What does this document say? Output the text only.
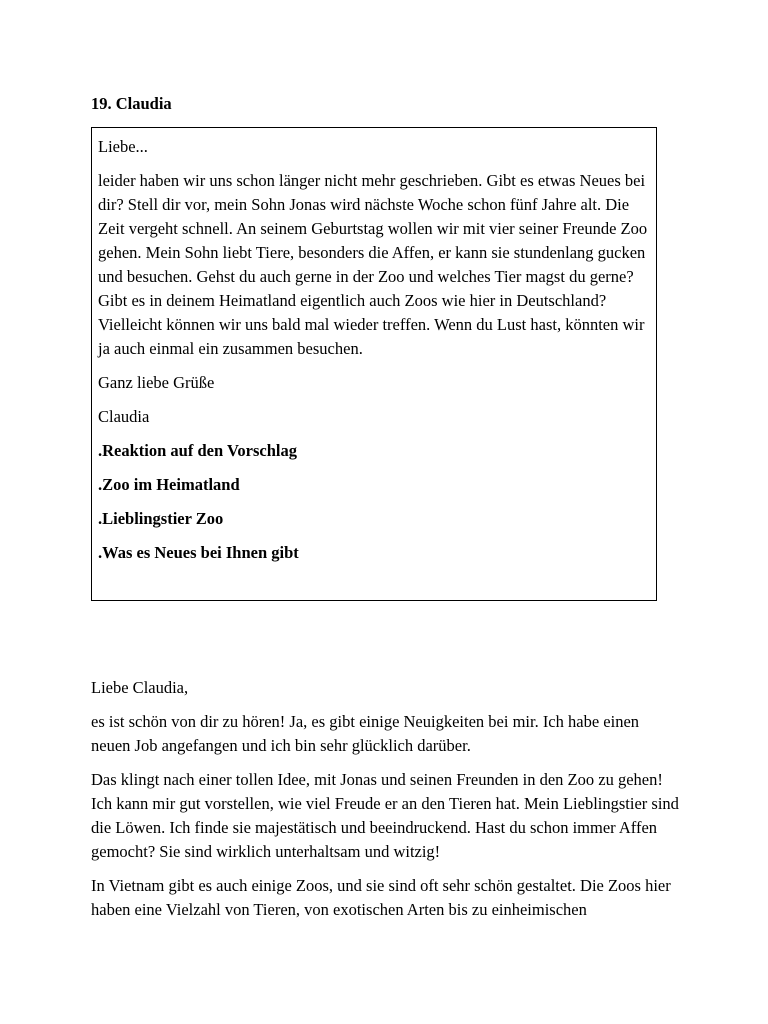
19. Claudia

Liebe...

leider haben wir uns schon länger nicht mehr geschrieben. Gibt es etwas Neues bei dir? Stell dir vor, mein Sohn Jonas wird nächste Woche schon fünf Jahre alt. Die Zeit vergeht schnell. An seinem Geburtstag wollen wir mit vier seiner Freunde Zoo gehen. Mein Sohn liebt Tiere, besonders die Affen, er kann sie stundenlang gucken und besuchen. Gehst du auch gerne in der Zoo und welches Tier magst du gerne? Gibt es in deinem Heimatland eigentlich auch Zoos wie hier in Deutschland? Vielleicht können wir uns bald mal wieder treffen. Wenn du Lust hast, könnten wir ja auch einmal ein zusammen besuchen.

Ganz liebe Grüße

Claudia

.Reaktion auf den Vorschlag

.Zoo im Heimatland

.Lieblingstier Zoo

.Was es Neues bei Ihnen gibt

Liebe Claudia,

es ist schön von dir zu hören! Ja, es gibt einige Neuigkeiten bei mir. Ich habe einen neuen Job angefangen und ich bin sehr glücklich darüber.

Das klingt nach einer tollen Idee, mit Jonas und seinen Freunden in den Zoo zu gehen! Ich kann mir gut vorstellen, wie viel Freude er an den Tieren hat. Mein Lieblingstier sind die Löwen. Ich finde sie majestätisch und beeindruckend. Hast du schon immer Affen gemocht? Sie sind wirklich unterhaltsam und witzig!

In Vietnam gibt es auch einige Zoos, und sie sind oft sehr schön gestaltet. Die Zoos hier haben eine Vielzahl von Tieren, von exotischen Arten bis zu einheimischen
